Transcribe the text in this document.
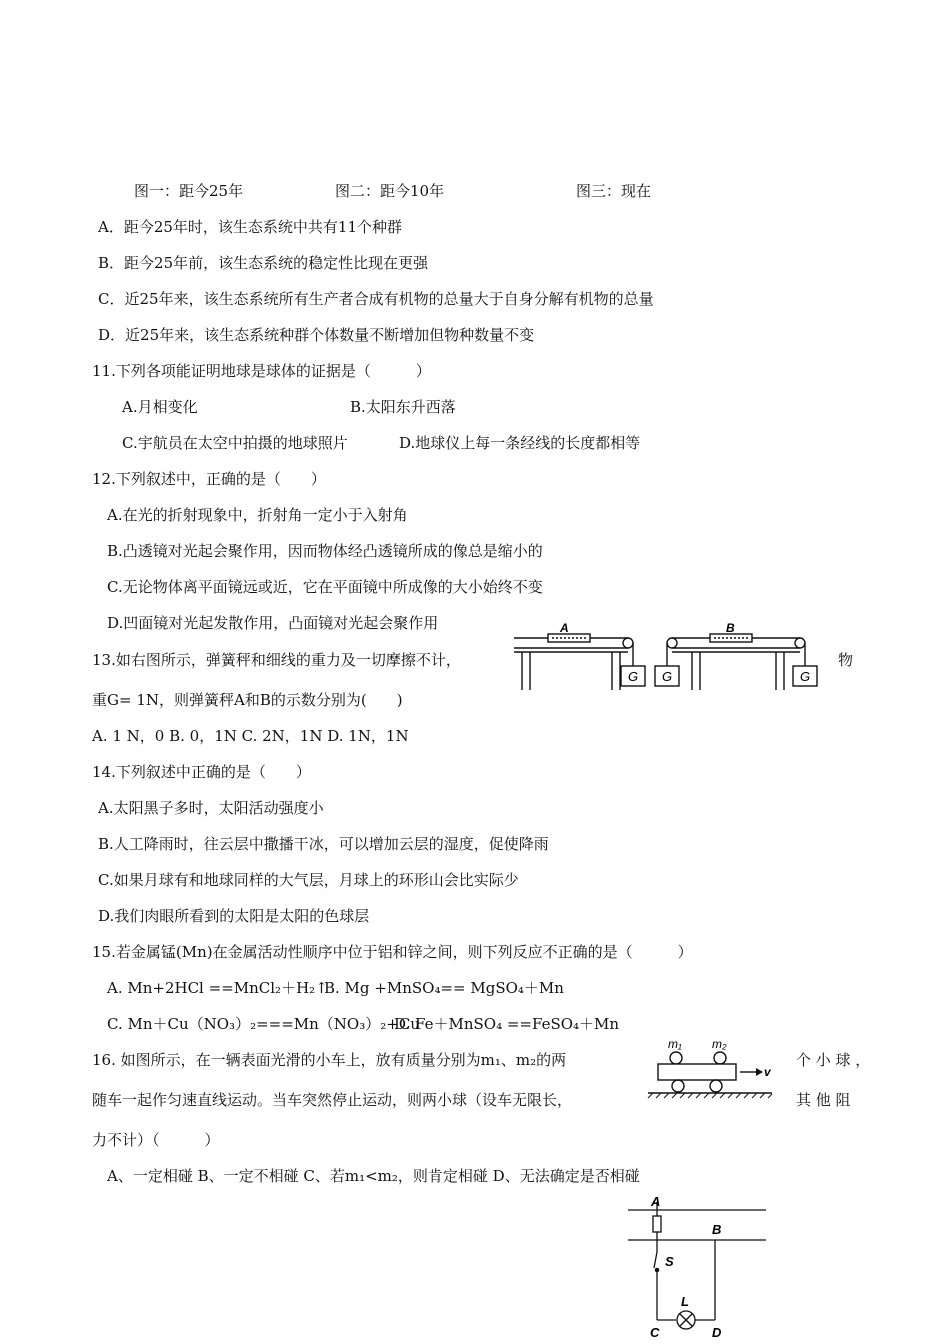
图一：距今25年	图二：距今10年	图三：现在
A．距今25年时，该生态系统中共有11个种群
B．距今25年前，该生态系统的稳定性比现在更强
C．近25年来，该生态系统所有生产者合成有机物的总量大于自身分解有机物的总量
D．近25年来，该生态系统种群个体数量不断增加但物种数量不变
11.下列各项能证明地球是球体的证据是（　　　）
A.月相变化	B.太阳东升西落
C.宇航员在太空中拍摄的地球照片	D.地球仪上每一条经线的长度都相等
12.下列叙述中，正确的是（　　）
A.在光的折射现象中，折射角一定小于入射角
B.凸透镜对光起会聚作用，因而物体经凸透镜所成的像总是缩小的
C.无论物体离平面镜远或近，它在平面镜中所成像的大小始终不变
D.凹面镜对光起发散作用，凸面镜对光起会聚作用
13.如右图所示，弹簧秤和细线的重力及一切摩擦不计，	物
重G= 1N，则弹簧秤A和B的示数分别为(　　)
A. 1 N，0 B. 0，1N C. 2N，1N D. 1N，1N
A	B
G G	G
14.下列叙述中正确的是（　　）
A.太阳黑子多时，太阳活动强度小
B.人工降雨时，往云层中撒播干冰，可以增加云层的湿度，促使降雨
C.如果月球有和地球同样的大气层，月球上的环形山会比实际少
D.我们肉眼所看到的太阳是太阳的色球层
15.若金属锰(Mn)在金属活动性顺序中位于铝和锌之间，则下列反应不正确的是（　　　）
A. Mn+2HCl ==MnCl₂＋H₂↑
B. Mg +MnSO₄== MgSO₄＋Mn
C. Mn＋Cu（NO₃）₂===Mn（NO₃）₂+Cu
D. Fe＋MnSO₄ ==FeSO₄＋Mn
16. 如图所示，在一辆表面光滑的小车上，放有质量分别为m₁、m₂的两	个 小 球 ，
随车一起作匀速直线运动。当车突然停止运动，则两小球（设车无限长，	其 他 阻
力不计）（　　　）
A、一定相碰 B、一定不相碰 C、若m₁<m₂，则肯定相碰 D、无法确定是否相碰
m₁	m₂
v
A
B
S
L
C	D
